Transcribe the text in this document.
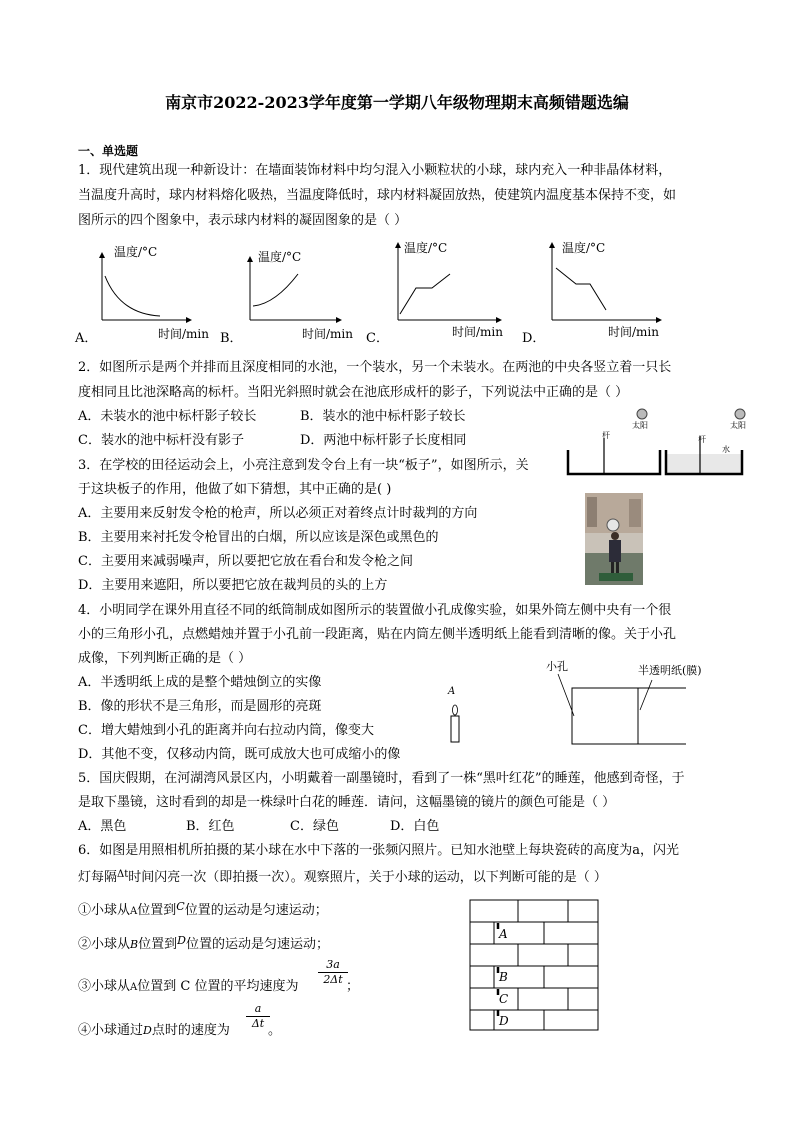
南京市2022-2023学年度第一学期八年级物理期末高频错题选编
一、单选题
1．现代建筑出现一种新设计：在墙面装饰材料中均匀混入小颗粒状的小球，球内充入一种非晶体材料，
当温度升高时，球内材料熔化吸热，当温度降低时，球内材料凝固放热，使建筑内温度基本保持不变，如
图所示的四个图象中，表示球内材料的凝固图象的是（ ）
温度/°C
时间/min
A．
温度/°C
时间/min
B．
温度/°C
时间/min
C．
温度/°C
时间/min
D．
2．如图所示是两个并排而且深度相同的水池，一个装水，另一个未装水。在两池的中央各竖立着一只长
度相同且比池深略高的标杆。当阳光斜照时就会在池底形成杆的影子，下列说法中正确的是（ ）
A．未装水的池中标杆影子较长	B．装水的池中标杆影子较长
C．装水的池中标杆没有影子	D．两池中标杆影子长度相同
太阳
杆
太阳
杆
水
3．在学校的田径运动会上，小亮注意到发令台上有一块“板子”，如图所示，关
于这块板子的作用，他做了如下猜想，其中正确的是( )
A．主要用来反射发令枪的枪声，所以必须正对着终点计时裁判的方向
B．主要用来衬托发令枪冒出的白烟，所以应该是深色或黑色的
C．主要用来减弱噪声，所以要把它放在看台和发令枪之间
D．主要用来遮阳，所以要把它放在裁判员的头的上方
4．小明同学在课外用直径不同的纸筒制成如图所示的装置做小孔成像实验，如果外筒左侧中央有一个很
小的三角形小孔，点燃蜡烛并置于小孔前一段距离，贴在内筒左侧半透明纸上能看到清晰的像。关于小孔
成像，下列判断正确的是（ ）
A．半透明纸上成的是整个蜡烛倒立的实像
B．像的形状不是三角形，而是圆形的亮斑
C．增大蜡烛到小孔的距离并向右拉动内筒，像变大
D．其他不变，仅移动内筒，既可成放大也可成缩小的像
A
小孔	半透明纸(膜)
5．国庆假期，在河湖湾风景区内，小明戴着一副墨镜时，看到了一株“黑叶红花”的睡莲，他感到奇怪，于
是取下墨镜，这时看到的却是一株绿叶白花的睡莲．请问，这幅墨镜的镜片的颜色可能是（ ）
A．黑色	B．红色	C．绿色	D．白色
6．如图是用照相机所拍摄的某小球在水中下落的一张频闪照片。已知水池壁上每块瓷砖的高度为a，闪光
灯每隔$^{\Delta t}$时间闪亮一次（即拍摄一次）。观察照片，关于小球的运动，以下判断可能的是（ ）
①小球从A位置到$^C$位置的运动是匀速运动；
②小球从B位置到$^D$位置的运动是匀速运动；
③小球从A位置到 C 位置的平均速度为
3a
2Δt ；
④小球通过D点时的速度为
a
Δt 。
A
B
C
D
